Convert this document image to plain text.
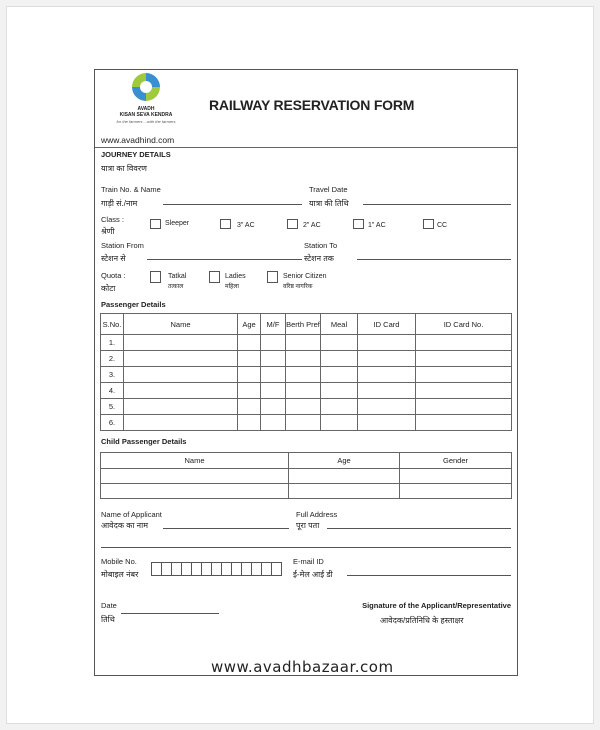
AVADH
KISAN SEVA KENDRA
for the farmers ...with the farmers
RAILWAY RESERVATION FORM
www.avadhind.com
JOURNEY DETAILS
यात्रा का विवरण
Train No. & Name
गाड़ी सं./नाम
Travel Date
यात्रा की तिथि
Class :
श्रेणी
Sleeper	3" AC	2" AC	1" AC	CC
Station From
स्टेशन से
Station To
स्टेशन तक
Quota :
कोटा
Tatkal
तत्काल
Ladies
महिला
Senior Citizen
वरिष्ठ नागरिक
Passenger Details
S.No.	Name	Age	M/F	Berth Pref	Meal	ID Card	ID Card No.
1.							
2.							
3.							
4.							
5.							
6.							
Child Passenger Details
Name	Age	Gender

Name of Applicant
आवेदक का नाम
Full Address
पूरा पता
Mobile No.
मोबाइल नंबर
E-mail ID
ई-मेल आई डी
Date
तिथि
Signature of the Applicant/Representative
आवेदक/प्रतिनिधि के हस्ताक्षर
www.avadhbazaar.com
